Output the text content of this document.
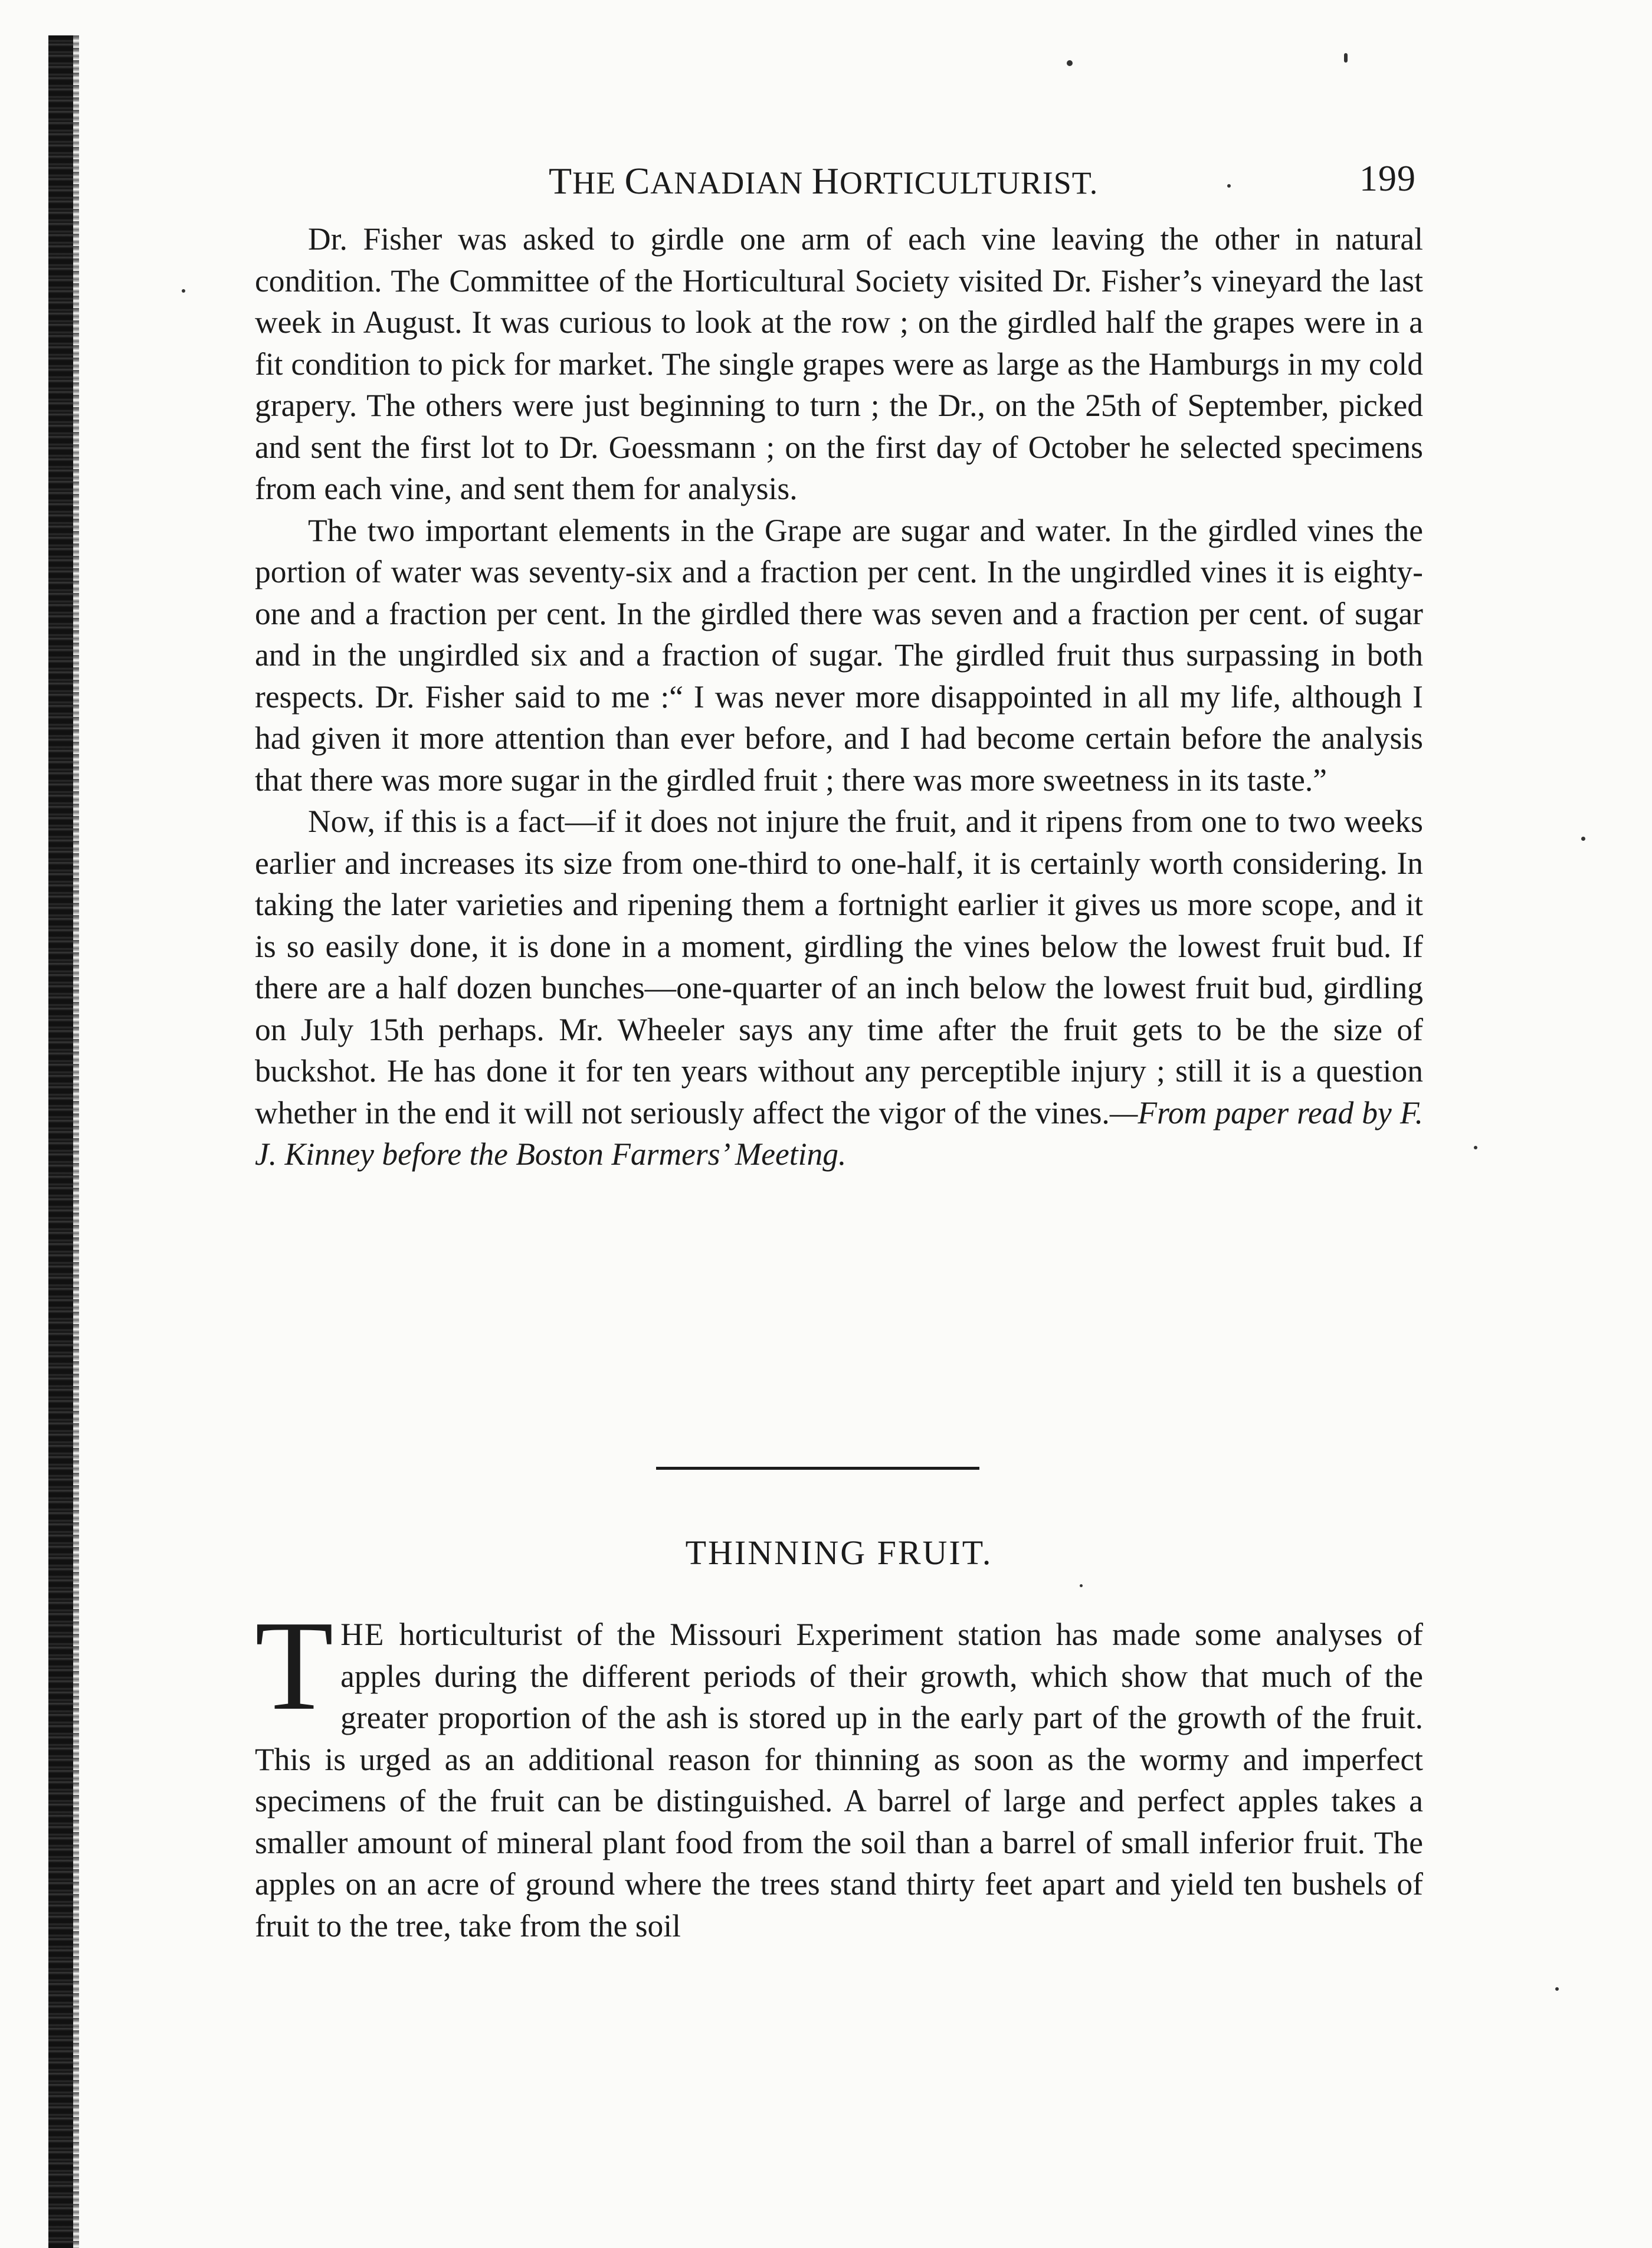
THE CANADIAN HORTICULTURIST.	199

Dr. Fisher was asked to girdle one arm of each vine leaving the other in natural condition. The Committee of the Horticultural Society visited Dr. Fisher’s vineyard the last week in August. It was curious to look at the row ; on the girdled half the grapes were in a fit condition to pick for market. The single grapes were as large as the Hamburgs in my cold grapery. The others were just beginning to turn ; the Dr., on the 25th of September, picked and sent the first lot to Dr. Goessmann ; on the first day of October he selected specimens from each vine, and sent them for analysis.

The two important elements in the Grape are sugar and water. In the girdled vines the portion of water was seventy-six and a fraction per cent. In the ungirdled vines it is eighty-one and a fraction per cent. In the girdled there was seven and a fraction per cent. of sugar and in the ungirdled six and a fraction of sugar. The girdled fruit thus surpassing in both respects. Dr. Fisher said to me :“ I was never more disappointed in all my life, although I had given it more attention than ever before, and I had become certain before the analysis that there was more sugar in the girdled fruit ; there was more sweetness in its taste.”

Now, if this is a fact—if it does not injure the fruit, and it ripens from one to two weeks earlier and increases its size from one-third to one-half, it is certainly worth considering. In taking the later varieties and ripening them a fortnight earlier it gives us more scope, and it is so easily done, it is done in a moment, girdling the vines below the lowest fruit bud. If there are a half dozen bunches—one-quarter of an inch below the lowest fruit bud, girdling on July 15th perhaps. Mr. Wheeler says any time after the fruit gets to be the size of buckshot. He has done it for ten years without any perceptible injury ; still it is a question whether in the end it will not seriously affect the vigor of the vines.—From paper read by F. J. Kinney before the Boston Farmers’ Meeting.

THINNING FRUIT.

THE horticulturist of the Missouri Experiment station has made some analyses of apples during the different periods of their growth, which show that much of the greater proportion of the ash is stored up in the early part of the growth of the fruit. This is urged as an additional reason for thinning as soon as the wormy and imperfect specimens of the fruit can be distinguished. A barrel of large and perfect apples takes a smaller amount of mineral plant food from the soil than a barrel of small inferior fruit. The apples on an acre of ground where the trees stand thirty feet apart and yield ten bushels of fruit to the tree, take from the soil
